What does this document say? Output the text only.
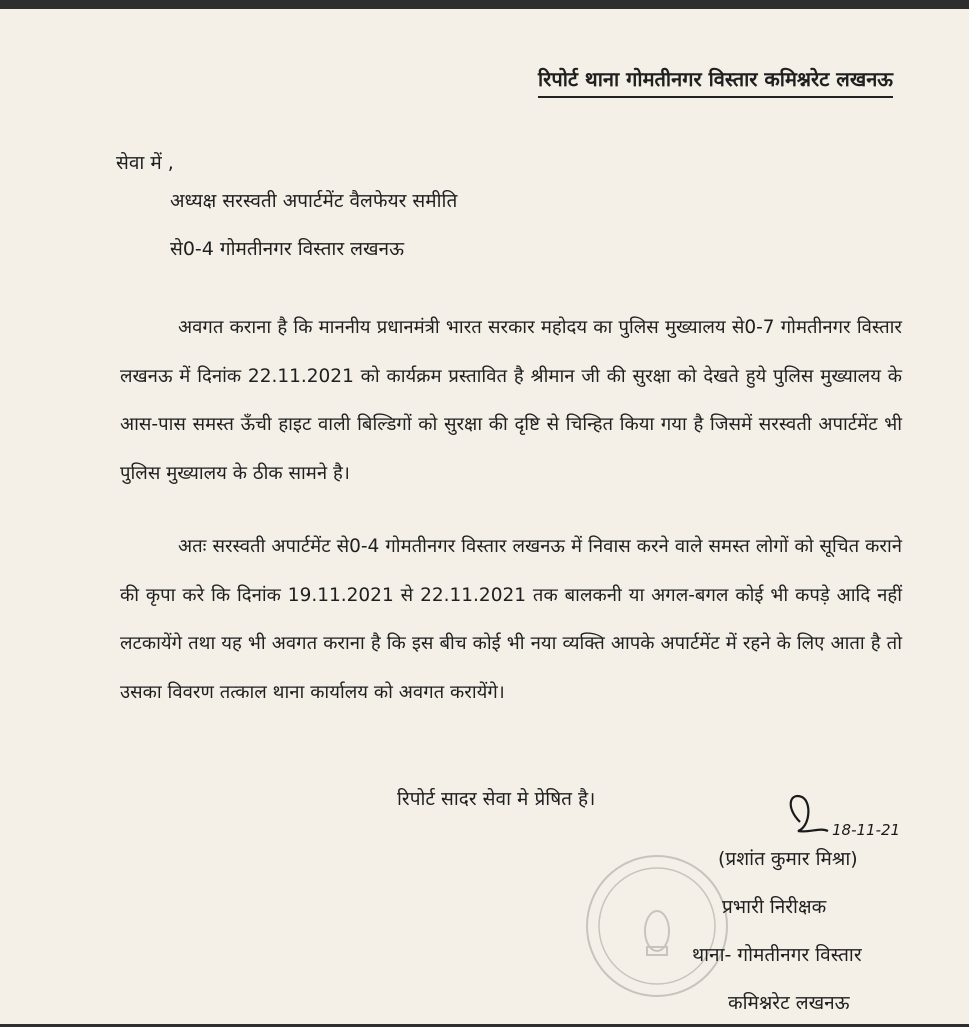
रिपोर्ट थाना गोमतीनगर विस्तार कमिश्नरेट लखनऊ
सेवा में ,
अध्यक्ष सरस्वती अपार्टमेंट वैलफेयर समीति
से0-4 गोमतीनगर विस्तार लखनऊ
अवगत कराना है कि माननीय प्रधानमंत्री भारत सरकार महोदय का पुलिस मुख्यालय से0-7 गोमतीनगर विस्तार लखनऊ में दिनांक 22.11.2021 को कार्यक्रम प्रस्तावित है श्रीमान जी की सुरक्षा को देखते हुये पुलिस मुख्यालय के आस-पास समस्त ऊँची हाइट वाली बिल्डिगों को सुरक्षा की दृष्टि से चिन्हित किया गया है जिसमें सरस्वती अपार्टमेंट भी पुलिस मुख्यालय के ठीक सामने है।
अतः सरस्वती अपार्टमेंट से0-4 गोमतीनगर विस्तार लखनऊ में निवास करने वाले समस्त लोगों को सूचित कराने की कृपा करे कि दिनांक 19.11.2021 से 22.11.2021 तक बालकनी या अगल-बगल कोई भी कपड़े आदि नहीं लटकायेंगे तथा यह भी अवगत कराना है कि इस बीच कोई भी नया व्यक्ति आपके अपार्टमेंट में रहने के लिए आता है तो उसका विवरण तत्काल थाना कार्यालय को अवगत करायेंगे।
रिपोर्ट सादर सेवा मे प्रेषित है।
18-11-21
(प्रशांत कुमार मिश्रा)
प्रभारी निरीक्षक
थाना- गोमतीनगर विस्तार
कमिश्नरेट लखनऊ
